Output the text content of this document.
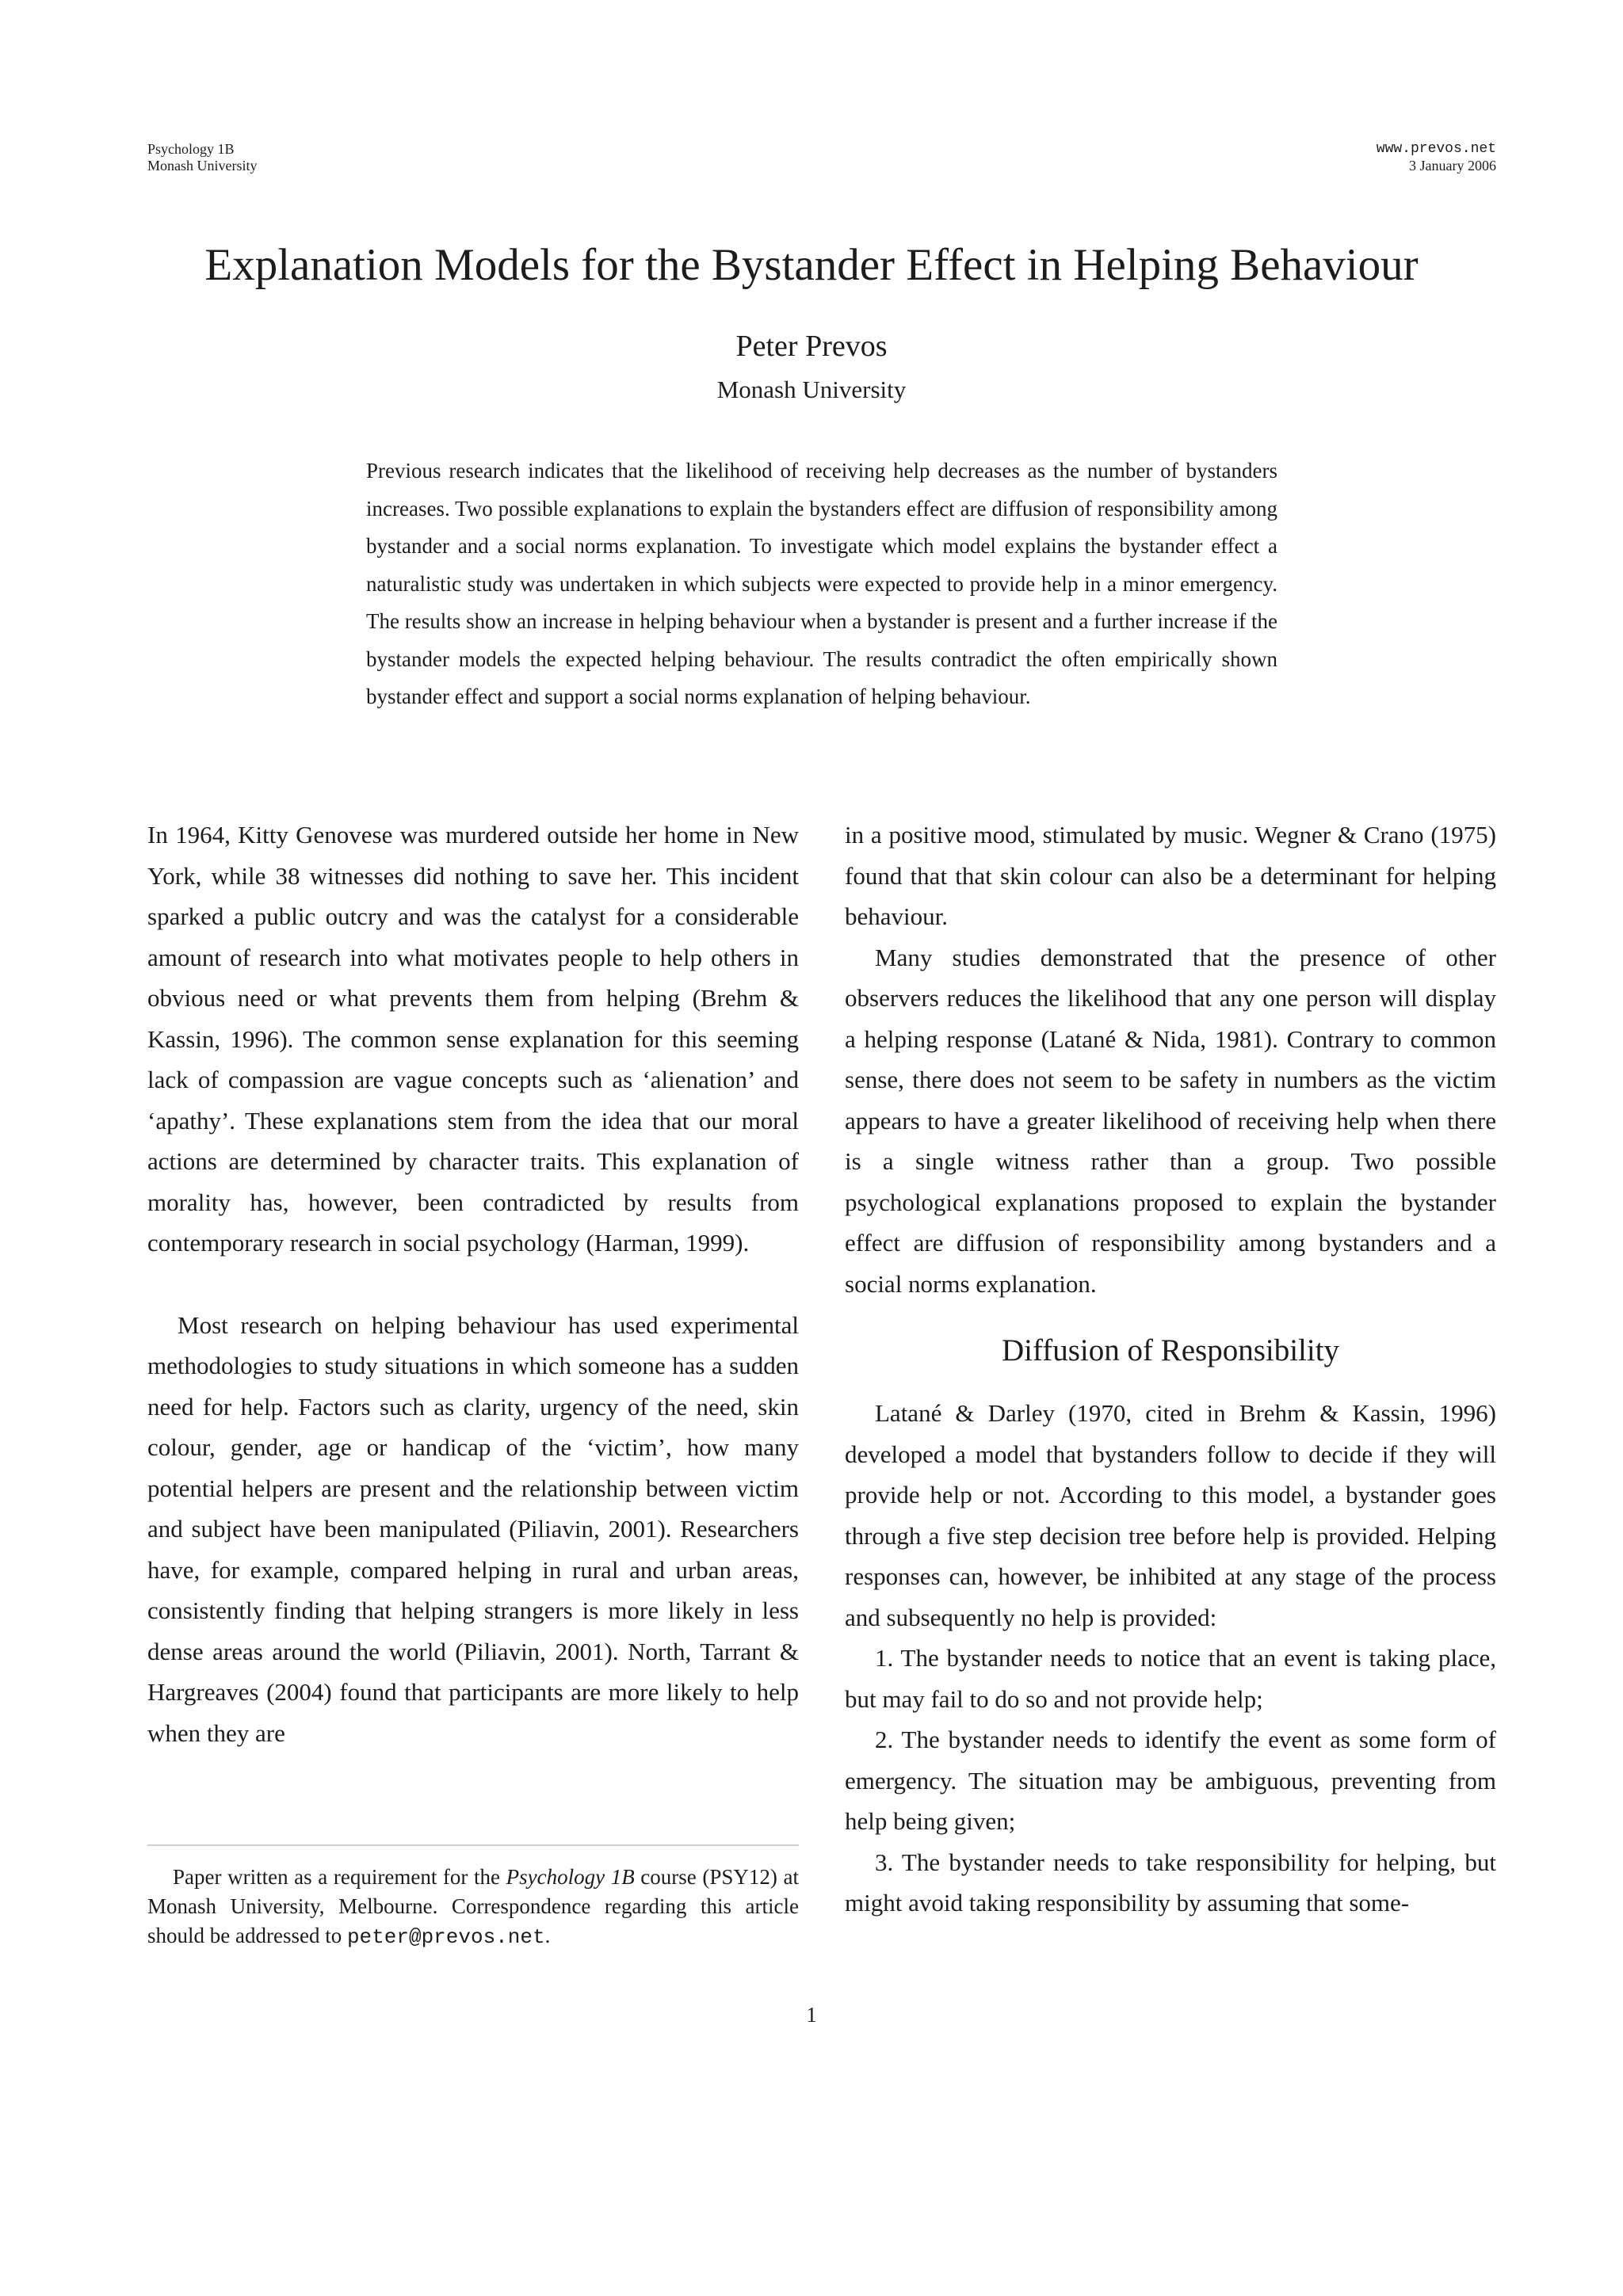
Psychology 1B
Monash University
www.prevos.net
3 January 2006
Explanation Models for the Bystander Effect in Helping Behaviour
Peter Prevos
Monash University

Previous research indicates that the likelihood of receiving help decreases as the number of bystanders increases. Two possible explanations to explain the bystanders effect are diffusion of responsibility among bystander and a social norms explanation. To investigate which model explains the bystander effect a naturalistic study was undertaken in which subjects were expected to provide help in a minor emergency. The results show an increase in helping behaviour when a bystander is present and a further increase if the bystander models the expected helping behaviour. The results contradict the often empirically shown bystander effect and support a social norms explanation of helping behaviour.

In 1964, Kitty Genovese was murdered outside her home in New York, while 38 witnesses did nothing to save her. This incident sparked a public outcry and was the catalyst for a considerable amount of research into what motivates people to help others in obvious need or what prevents them from helping (Brehm & Kassin, 1996). The common sense explanation for this seeming lack of compassion are vague concepts such as ‘alienation’ and ‘apathy’. These explanations stem from the idea that our moral actions are determined by character traits. This explanation of morality has, however, been contradicted by results from contemporary research in social psychology (Harman, 1999).

Most research on helping behaviour has used experimental methodologies to study situations in which someone has a sudden need for help. Factors such as clarity, urgency of the need, skin colour, gender, age or handicap of the ‘victim’, how many potential helpers are present and the relationship between victim and subject have been manipulated (Piliavin, 2001). Researchers have, for example, compared helping in rural and urban areas, consistently finding that helping strangers is more likely in less dense areas around the world (Piliavin, 2001). North, Tarrant & Hargreaves (2004) found that participants are more likely to help when they are

in a positive mood, stimulated by music. Wegner & Crano (1975) found that that skin colour can also be a determinant for helping behaviour.

Many studies demonstrated that the presence of other observers reduces the likelihood that any one person will display a helping response (Latané & Nida, 1981). Contrary to common sense, there does not seem to be safety in numbers as the victim appears to have a greater likelihood of receiving help when there is a single witness rather than a group. Two possible psychological explanations proposed to explain the bystander effect are diffusion of responsibility among bystanders and a social norms explanation.

Diffusion of Responsibility

Latané & Darley (1970, cited in Brehm & Kassin, 1996) developed a model that bystanders follow to decide if they will provide help or not. According to this model, a bystander goes through a five step decision tree before help is provided. Helping responses can, however, be inhibited at any stage of the process and subsequently no help is provided:

1. The bystander needs to notice that an event is taking place, but may fail to do so and not provide help;

2. The bystander needs to identify the event as some form of emergency. The situation may be ambiguous, preventing from help being given;

3. The bystander needs to take responsibility for helping, but might avoid taking responsibility by assuming that some-

Paper written as a requirement for the Psychology 1B course (PSY12) at Monash University, Melbourne. Correspondence regarding this article should be addressed to peter@prevos.net.

1
